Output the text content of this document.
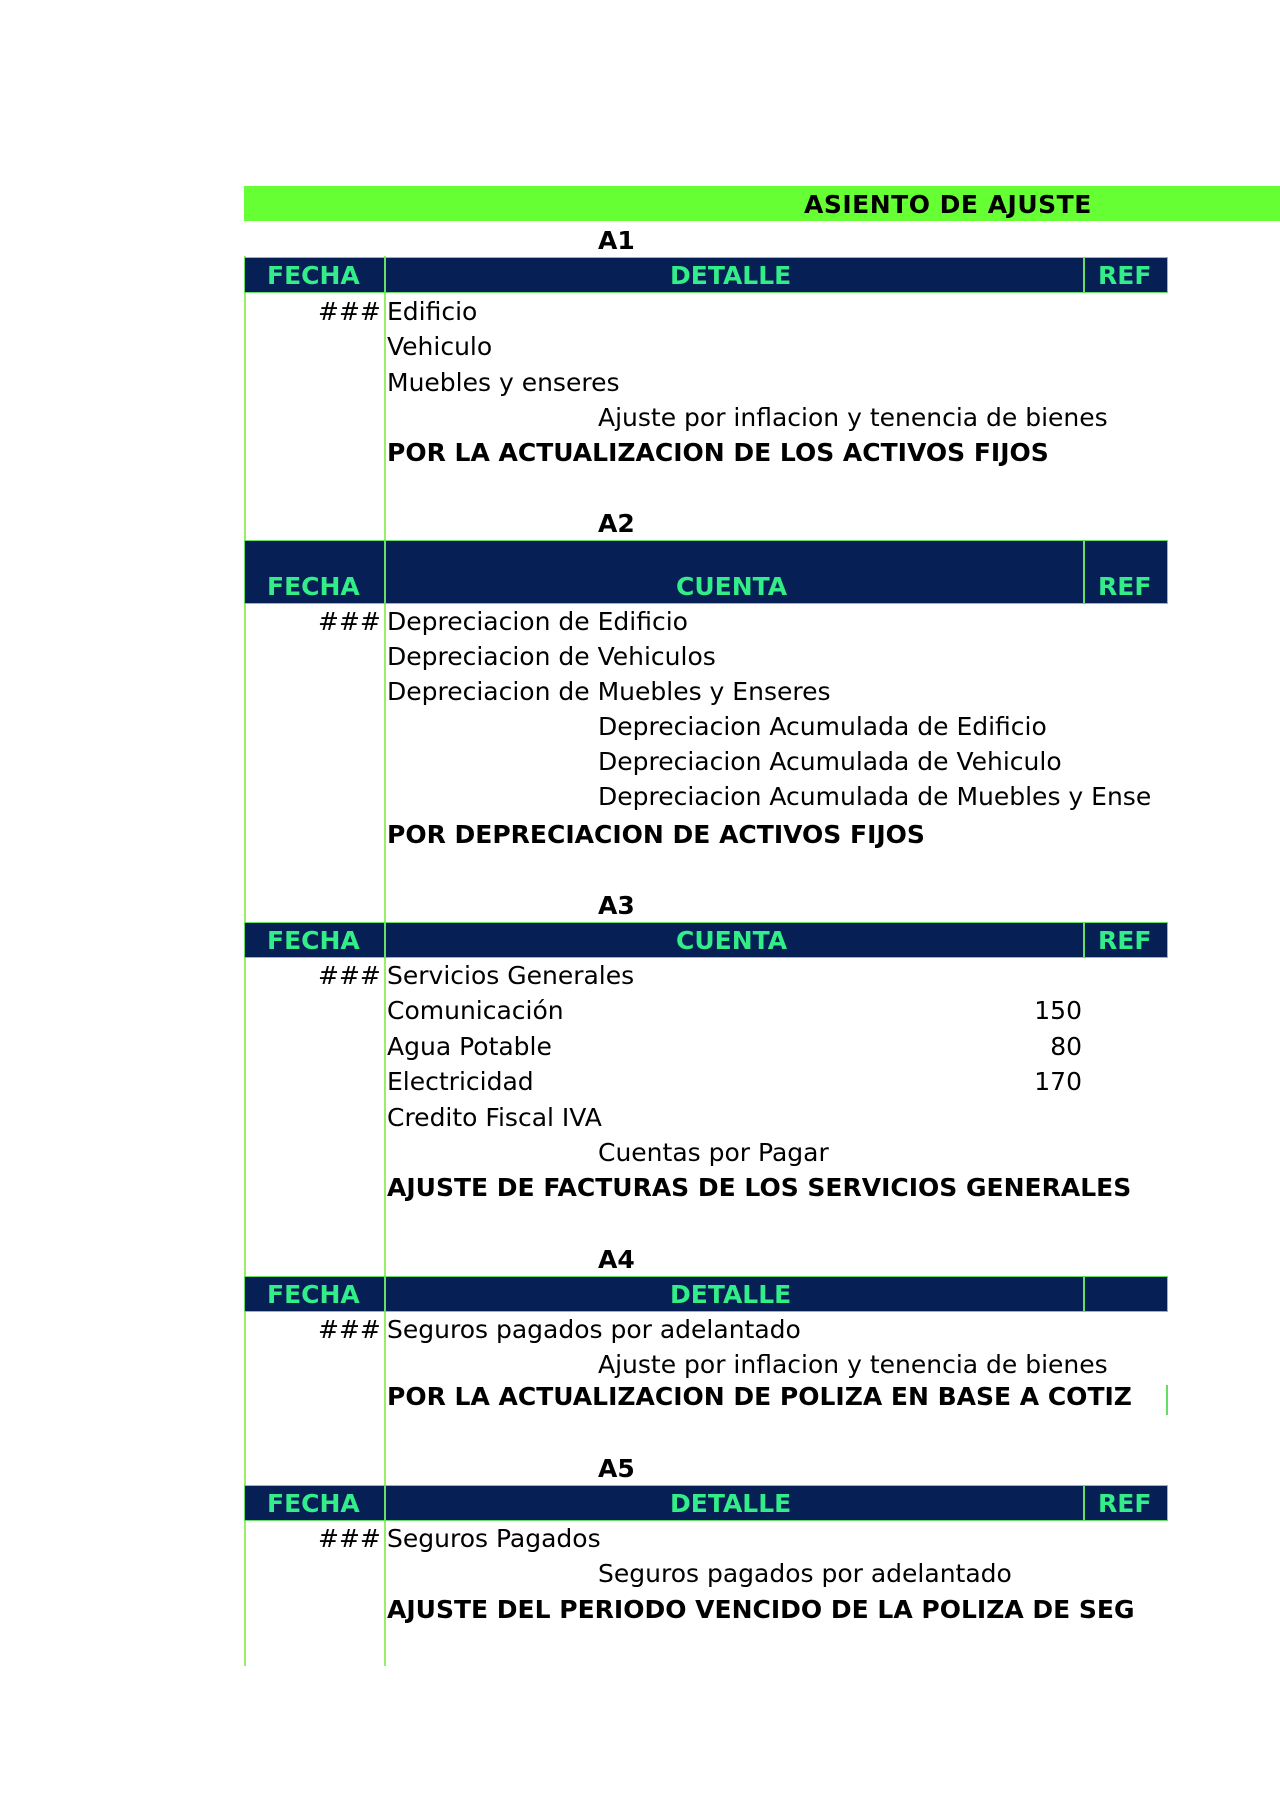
ASIENTO DE AJUSTE
A1
FECHA	DETALLE	REF
### Edificio
Vehiculo
Muebles y enseres
Ajuste por inflacion y tenencia de bienes
POR LA ACTUALIZACION DE LOS ACTIVOS FIJOS
A2
FECHA	CUENTA	REF
### Depreciacion de Edificio
Depreciacion de Vehiculos
Depreciacion de Muebles y Enseres
Depreciacion Acumulada de Edificio
Depreciacion Acumulada de Vehiculo
Depreciacion Acumulada de Muebles y Ense
POR DEPRECIACION DE ACTIVOS FIJOS
A3
FECHA	CUENTA	REF
### Servicios Generales
Comunicación	150
Agua Potable	80
Electricidad	170
Credito Fiscal IVA
Cuentas por Pagar
AJUSTE DE FACTURAS DE LOS SERVICIOS GENERALES
A4
FECHA	DETALLE
### Seguros pagados por adelantado
Ajuste por inflacion y tenencia de bienes
POR LA ACTUALIZACION DE POLIZA EN BASE A COTIZ
A5
FECHA	DETALLE	REF
### Seguros Pagados
Seguros pagados por adelantado
AJUSTE DEL PERIODO VENCIDO DE LA POLIZA DE SEG
